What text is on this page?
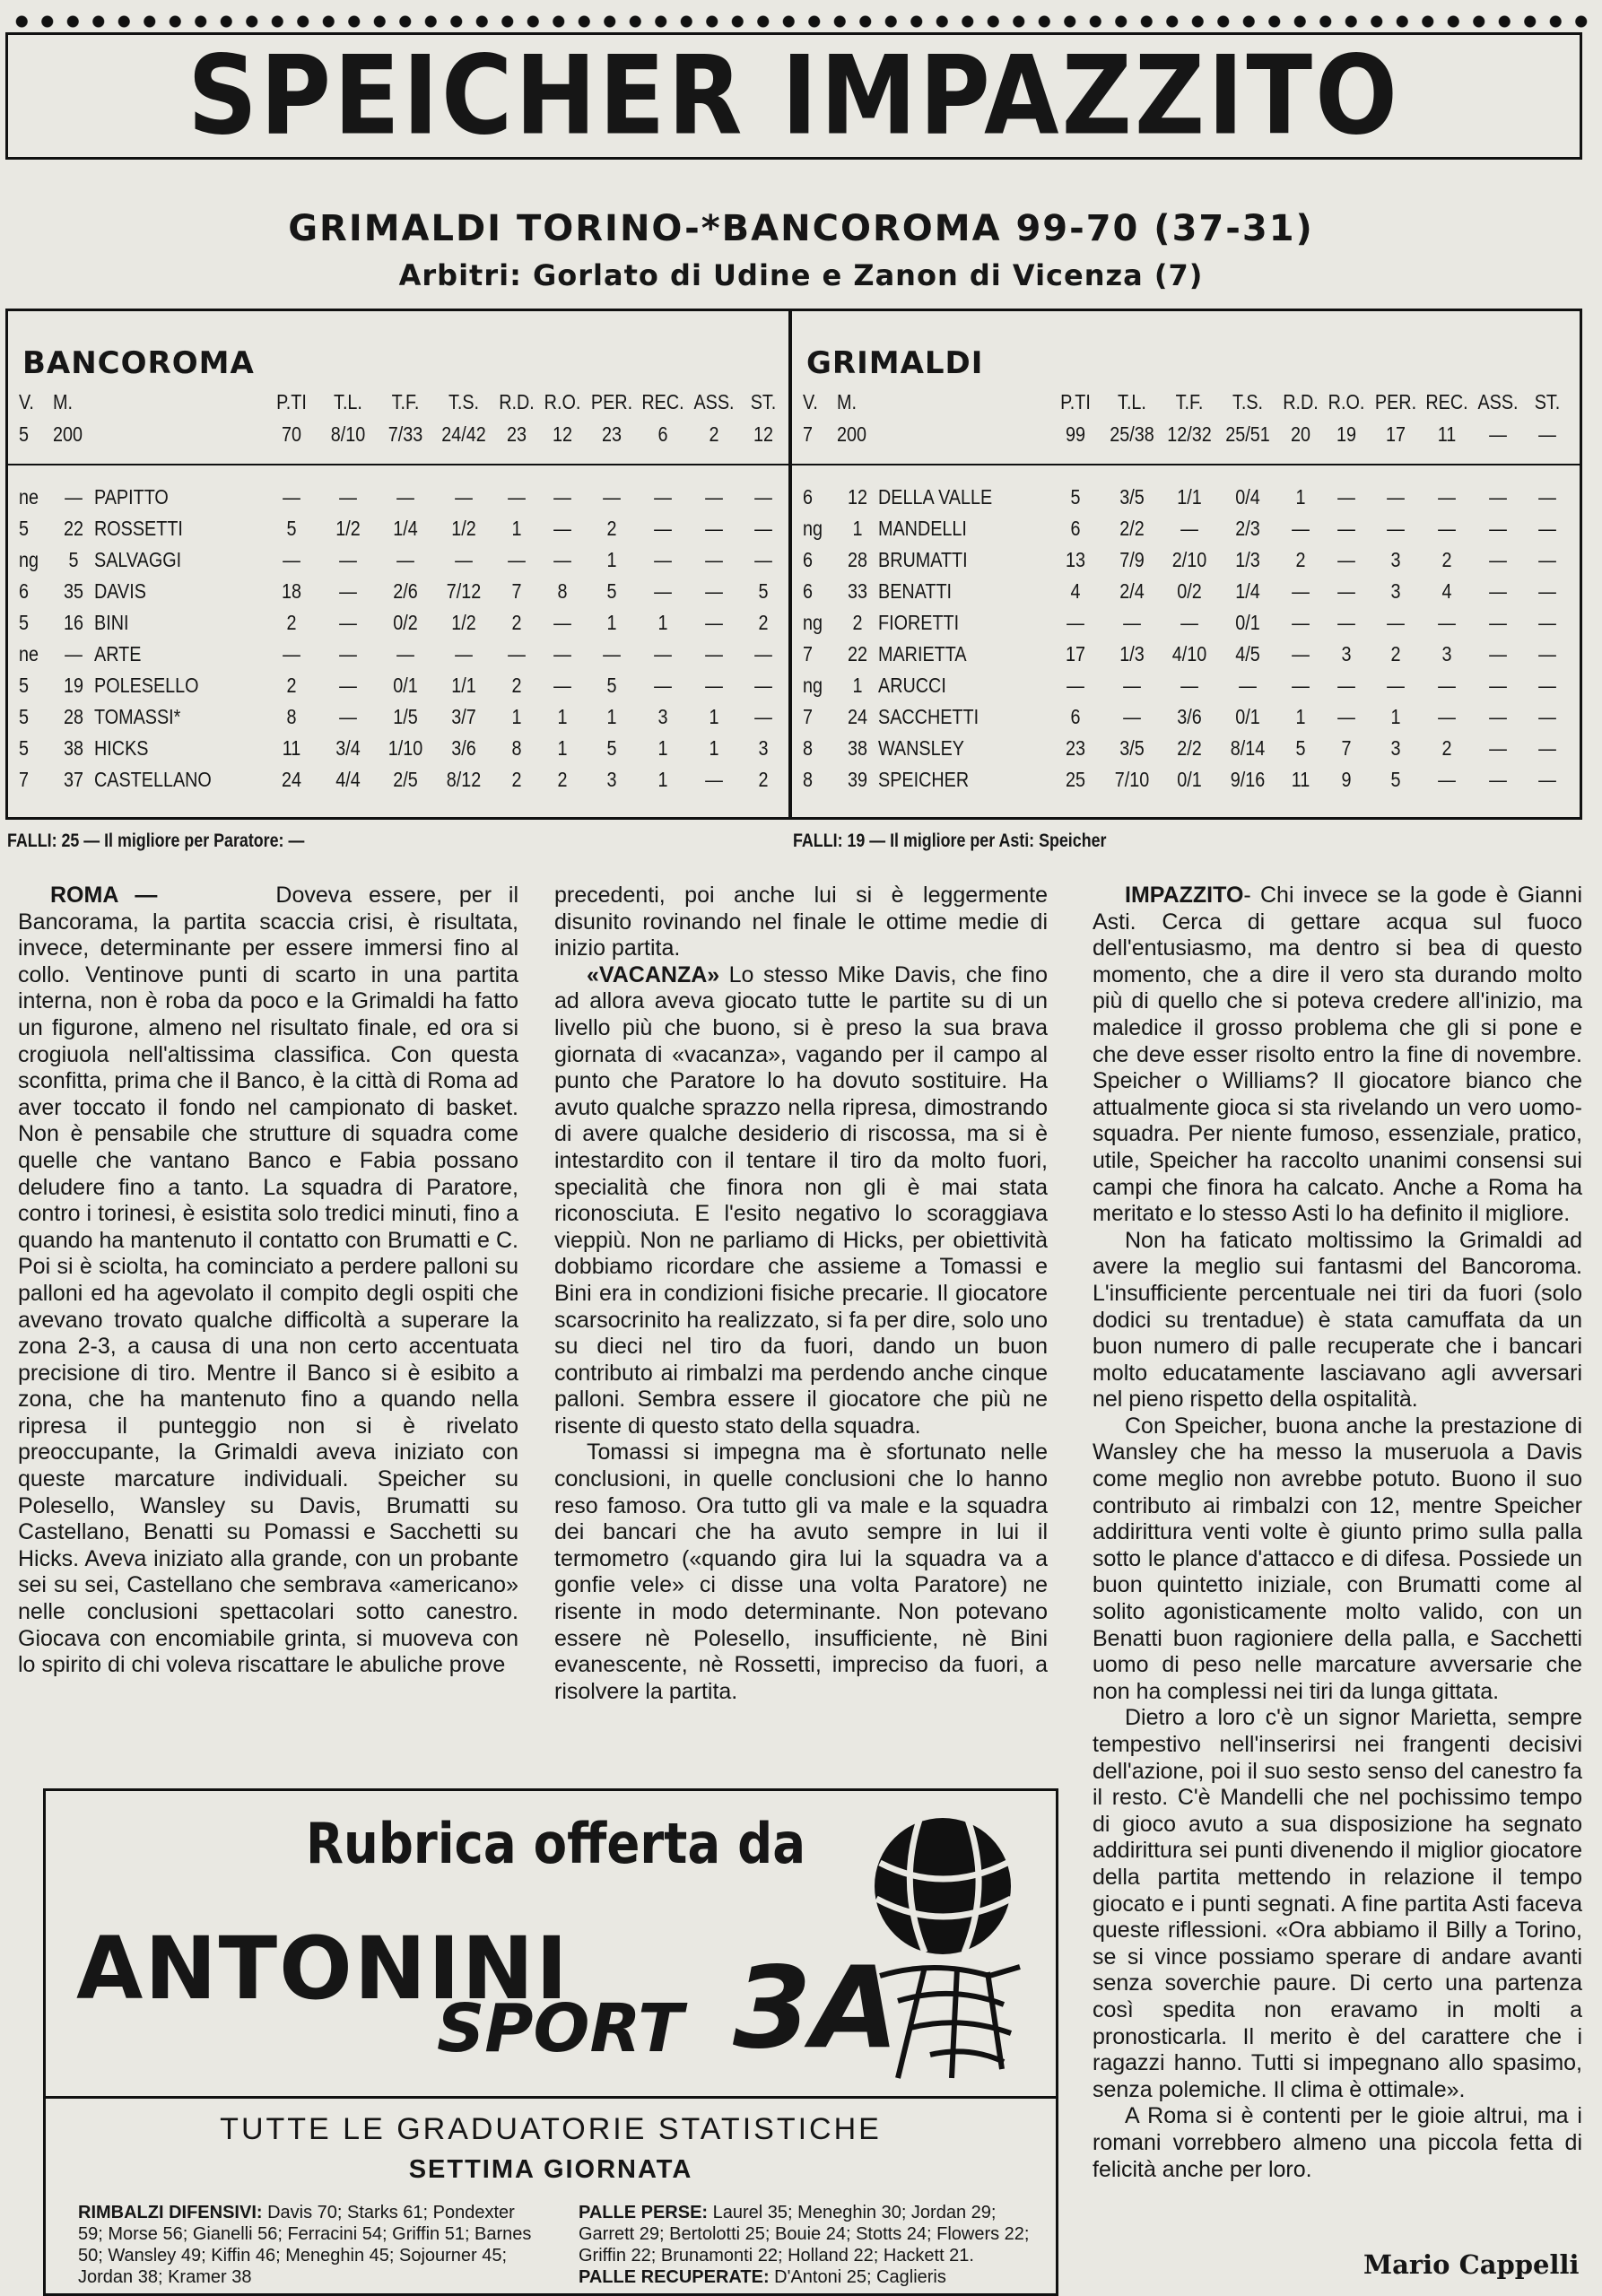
SPEICHER IMPAZZITO
GRIMALDI TORINO-*BANCOROMA 99-70 (37-31)
Arbitri: Gorlato di Udine e Zanon di Vicenza (7)
BANCOROMA
V. M.	P.TI	T.L.	T.F.	T.S. R.D. R.O. PER. REC. ASS. ST.
5	200	70	8/10	7/33 24/42	23	12	23	6	2	12
ne	— PAPITTO	—	—	—	—	—	—	—	—	—	—
5	22 ROSSETTI	5	1/2	1/4	1/2	1	—	2	—	—	—
ng	5 SALVAGGI	—	—	—	—	—	—	1	—	—	—
6	35 DAVIS	18	—	2/6	7/12	7	8	5	—	—	5
5	16 BINI	2	—	0/2	1/2	2	—	1	1	—	2
ne	— ARTE	—	—	—	—	—	—	—	—	—	—
5	19 POLESELLO	2	—	0/1	1/1	2	—	5	—	—	—
5	28 TOMASSI*	8	—	1/5	3/7	1	1	1	3	1	—
5	38 HICKS	11	3/4	1/10	3/6	8	1	5	1	1	3
7	37 CASTELLANO	24	4/4	2/5	8/12	2	2	3	1	—	2
GRIMALDI
V. M.	P.TI	T.L.	T.F.	T.S. R.D. R.O. PER. REC. ASS. ST.
7	200	99	25/38 12/32 25/51	20	19	17	11	—	—
6	12 DELLA VALLE	5	3/5	1/1	0/4	1	—	—	—	—	—
ng	1 MANDELLI	6	2/2	—	2/3	—	—	—	—	—	—
6	28 BRUMATTI	13	7/9	2/10	1/3	2	—	3	2	—	—
6	33 BENATTI	4	2/4	0/2	1/4	—	—	3	4	—	—
ng	2 FIORETTI	—	—	—	0/1	—	—	—	—	—	—
7	22 MARIETTA	17	1/3	4/10	4/5	—	3	2	3	—	—
ng	1 ARUCCI	—	—	—	—	—	—	—	—	—	—
7	24 SACCHETTI	6	—	3/6	0/1	1	—	1	—	—	—
8	38 WANSLEY	23	3/5	2/2	8/14	5	7	3	2	—	—
8	39 SPEICHER	25	7/10	0/1	9/16	11	9	5	—	—	—
FALLI: 25 — Il migliore per Paratore: —	FALLI: 19 — Il migliore per Asti: Speicher

ROMA —	Doveva essere, per il Bancorama, la partita scaccia crisi, è risultata, invece, determinante per essere immersi fino al collo. Ventinove punti di scarto in una partita interna, non è roba da poco e la Grimaldi ha fatto un figurone, almeno nel risultato finale, ed ora si crogiuola nell'altissima classifica. Con questa sconfitta, prima che il Banco, è la città di Roma ad aver toccato il fondo nel campionato di basket. Non è pensabile che strutture di squadra come quelle che vantano Banco e Fabia possano deludere fino a tanto. La squadra di Paratore, contro i torinesi, è esistita solo tredici minuti, fino a quando ha mantenuto il contatto con Brumatti e C. Poi si è sciolta, ha cominciato a perdere palloni su palloni ed ha agevolato il compito degli ospiti che avevano trovato qualche difficoltà a superare la zona 2-3, a causa di una non certo accentuata precisione di tiro. Mentre il Banco si è esibito a zona, che ha mantenuto fino a quando nella ripresa il punteggio non si è rivelato preoccupante, la Grimaldi aveva iniziato con queste marcature individuali. Speicher su Polesello, Wansley su Davis, Brumatti su Castellano, Benatti su Pomassi e Sacchetti su Hicks. Aveva iniziato alla grande, con un probante sei su sei, Castellano che sembrava «americano» nelle conclusioni spettacolari sotto canestro. Giocava con encomiabile grinta, si muoveva con lo spirito di chi voleva riscattare le abuliche prove

precedenti, poi anche lui si è leggermente disunito rovinando nel finale le ottime medie di inizio partita.

«VACANZA» Lo stesso Mike Davis, che fino ad allora aveva giocato tutte le partite su di un livello più che buono, si è preso la sua brava giornata di «vacanza», vagando per il campo al punto che Paratore lo ha dovuto sostituire. Ha avuto qualche sprazzo nella ripresa, dimostrando di avere qualche desiderio di riscossa, ma si è intestardito con il tentare il tiro da molto fuori, specialità che finora non gli è mai stata riconosciuta. E l'esito negativo lo scoraggiava vieppiù. Non ne parliamo di Hicks, per obiettività dobbiamo ricordare che assieme a Tomassi e Bini era in condizioni fisiche precarie. Il giocatore scarsocrinito ha realizzato, si fa per dire, solo uno su dieci nel tiro da fuori, dando un buon contributo ai rimbalzi ma perdendo anche cinque palloni. Sembra essere il giocatore che più ne risente di questo stato della squadra.

Tomassi si impegna ma è sfortunato nelle conclusioni, in quelle conclusioni che lo hanno reso famoso. Ora tutto gli va male e la squadra dei bancari che ha avuto sempre in lui il termometro («quando gira lui la squadra va a gonfie vele» ci disse una volta Paratore) ne risente in modo determinante. Non potevano essere nè Polesello, insufficiente, nè Bini evanescente, nè Rossetti, impreciso da fuori, a risolvere la partita.

IMPAZZITO- Chi invece se la gode è Gianni Asti. Cerca di gettare acqua sul fuoco dell'entusiasmo, ma dentro si bea di questo momento, che a dire il vero sta durando molto più di quello che si poteva credere all'inizio, ma maledice il grosso problema che gli si pone e che deve esser risolto entro la fine di novembre. Speicher o Williams? Il giocatore bianco che attualmente gioca si sta rivelando un vero uomo-squadra. Per niente fumoso, essenziale, pratico, utile, Speicher ha raccolto unanimi consensi sui campi che finora ha calcato. Anche a Roma ha meritato e lo stesso Asti lo ha definito il migliore.

Non ha faticato moltissimo la Grimaldi ad avere la meglio sui fantasmi del Bancoroma. L'insufficiente percentuale nei tiri da fuori (solo dodici su trentadue) è stata camuffata da un buon numero di palle recuperate che i bancari molto educatamente lasciavano agli avversari nel pieno rispetto della ospitalità.

Con Speicher, buona anche la prestazione di Wansley che ha messo la museruola a Davis come meglio non avrebbe potuto. Buono il suo contributo ai rimbalzi con 12, mentre Speicher addirittura venti volte è giunto primo sulla palla sotto le plance d'attacco e di difesa. Possiede un buon quintetto iniziale, con Brumatti come al solito agonisticamente molto valido, con un Benatti buon ragioniere della palla, e Sacchetti uomo di peso nelle marcature avversarie che non ha complessi nei tiri da lunga gittata.

Dietro a loro c'è un signor Marietta, sempre tempestivo nell'inserirsi nei frangenti decisivi dell'azione, poi il suo sesto senso del canestro fa il resto. C'è Mandelli che nel pochissimo tempo di gioco avuto a sua disposizione ha segnato addirittura sei punti divenendo il miglior giocatore della partita mettendo in relazione il tempo giocato e i punti segnati. A fine partita Asti faceva queste riflessioni. «Ora abbiamo il Billy a Torino, se si vince possiamo sperare di andare avanti senza soverchie paure. Di certo una partenza così spedita non eravamo in molti a pronosticarla. Il merito è del carattere che i ragazzi hanno. Tutti si impegnano allo spasimo, senza polemiche. Il clima è ottimale».

A Roma si è contenti per le gioie altrui, ma i romani vorrebbero almeno una piccola fetta di felicità anche per loro.

Mario Cappelli
Rubrica offerta da
ANTONINI
SPORT 3A
TUTTE LE GRADUATORIE STATISTICHE
SETTIMA GIORNATA
RIMBALZI DIFENSIVI: Davis 70; Starks 61; Pondexter 59; Morse 56; Gianelli 56; Ferracini 54; Griffin 51; Barnes 50; Wansley 49; Kiffin 46; Meneghin 45; Sojourner 45; Jordan 38; Kramer 38
PALLE PERSE: Laurel 35; Meneghin 30; Jordan 29; Garrett 29; Bertolotti 25; Bouie 24; Stotts 24; Flowers 22; Griffin 22; Brunamonti 22; Holland 22; Hackett 21.
PALLE RECUPERATE: D'Antoni 25; Caglieris
